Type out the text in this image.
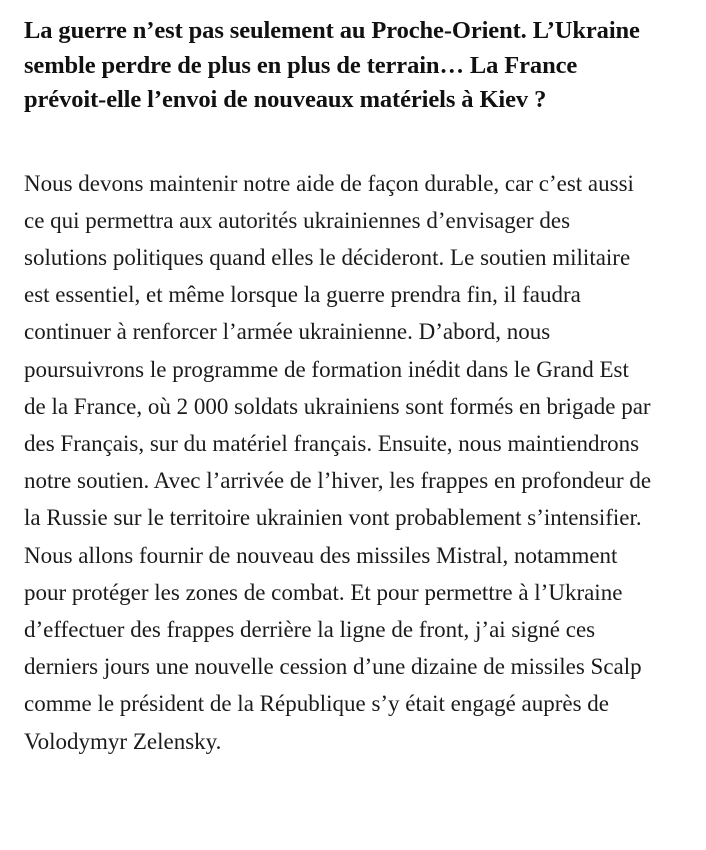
La guerre n’est pas seulement au Proche-Orient. L’Ukraine semble perdre de plus en plus de terrain… La France prévoit-elle l’envoi de nouveaux matériels à Kiev ?

Nous devons maintenir notre aide de façon durable, car c’est aussi ce qui permettra aux autorités ukrainiennes d’envisager des solutions politiques quand elles le décideront. Le soutien militaire est essentiel, et même lorsque la guerre prendra fin, il faudra continuer à renforcer l’armée ukrainienne. D’abord, nous poursuivrons le programme de formation inédit dans le Grand Est de la France, où 2 000 soldats ukrainiens sont formés en brigade par des Français, sur du matériel français. Ensuite, nous maintiendrons notre soutien. Avec l’arrivée de l’hiver, les frappes en profondeur de la Russie sur le territoire ukrainien vont probablement s’intensifier. Nous allons fournir de nouveau des missiles Mistral, notamment pour protéger les zones de combat. Et pour permettre à l’Ukraine d’effectuer des frappes derrière la ligne de front, j’ai signé ces derniers jours une nouvelle cession d’une dizaine de missiles Scalp comme le président de la République s’y était engagé auprès de Volodymyr Zelensky.
